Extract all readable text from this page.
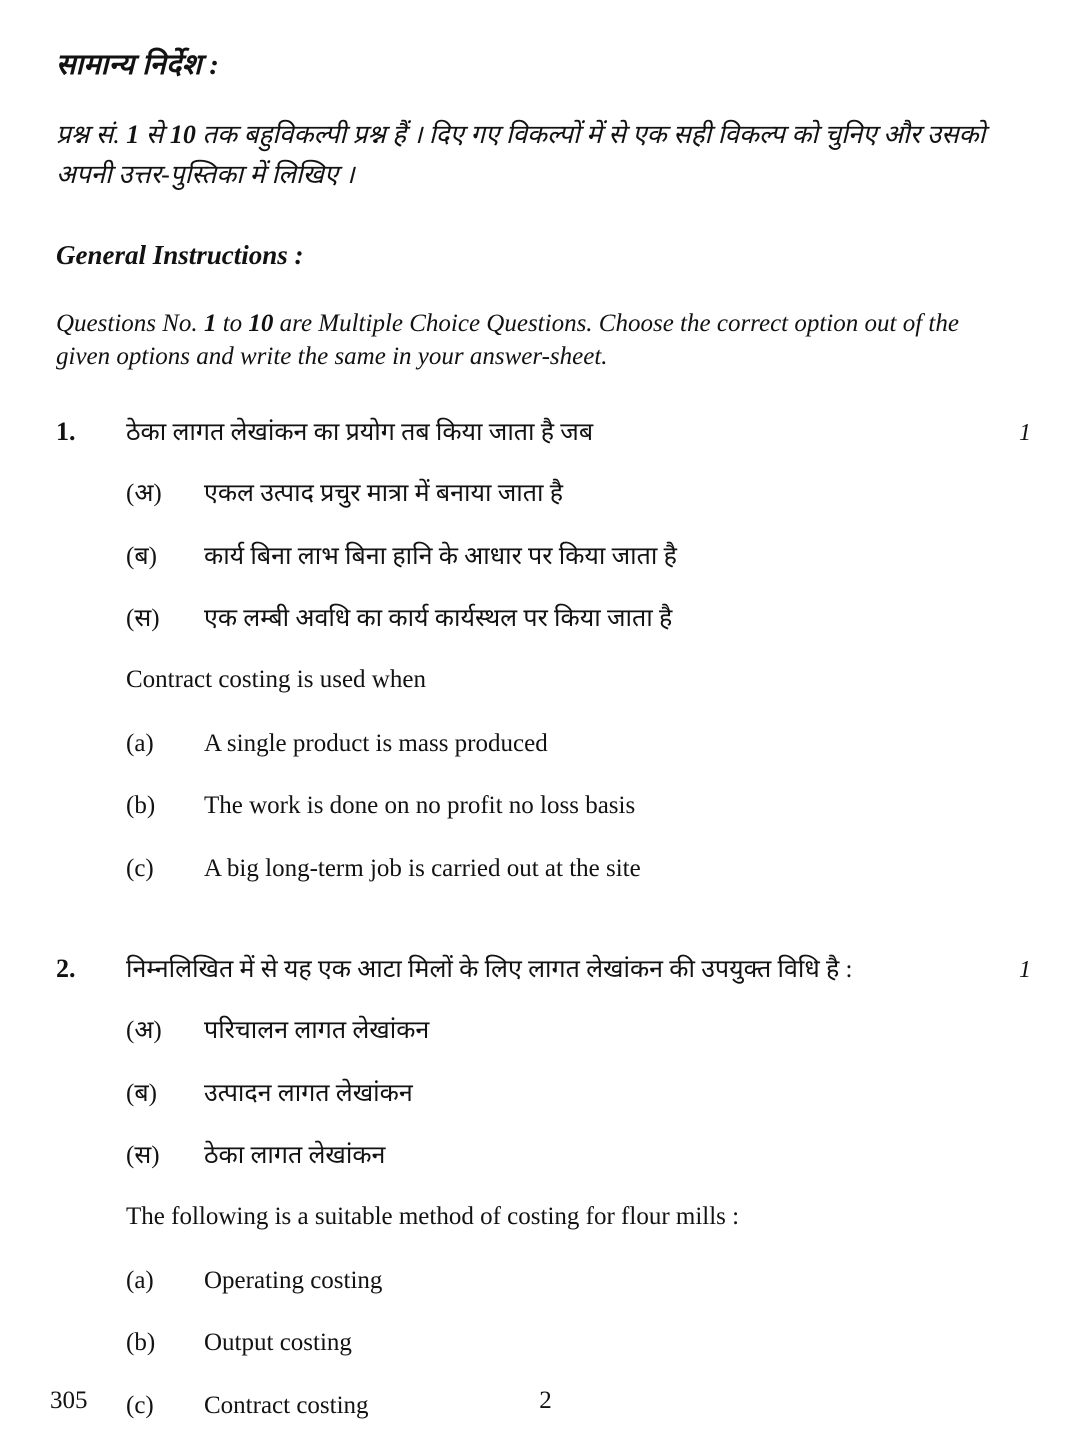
सामान्य निर्देश :

प्रश्न सं. 1 से 10 तक बहुविकल्पी प्रश्न हैं । दिए गए विकल्पों में से एक सही विकल्प को चुनिए और उसको अपनी उत्तर-पुस्तिका में लिखिए ।

General Instructions :

Questions No. 1 to 10 are Multiple Choice Questions. Choose the correct option out of the given options and write the same in your answer-sheet.

1.	ठेका लागत लेखांकन का प्रयोग तब किया जाता है जब	1
(अ)	एकल उत्पाद प्रचुर मात्रा में बनाया जाता है
(ब)	कार्य बिना लाभ बिना हानि के आधार पर किया जाता है
(स)	एक लम्बी अवधि का कार्य कार्यस्थल पर किया जाता है
Contract costing is used when
(a)	A single product is mass produced
(b)	The work is done on no profit no loss basis
(c)	A big long-term job is carried out at the site
2.	निम्नलिखित में से यह एक आटा मिलों के लिए लागत लेखांकन की उपयुक्त विधि है :	1
(अ)	परिचालन लागत लेखांकन
(ब)	उत्पादन लागत लेखांकन
(स)	ठेका लागत लेखांकन
The following is a suitable method of costing for flour mills :
(a)	Operating costing
(b)	Output costing
(c)	Contract costing
305	2
